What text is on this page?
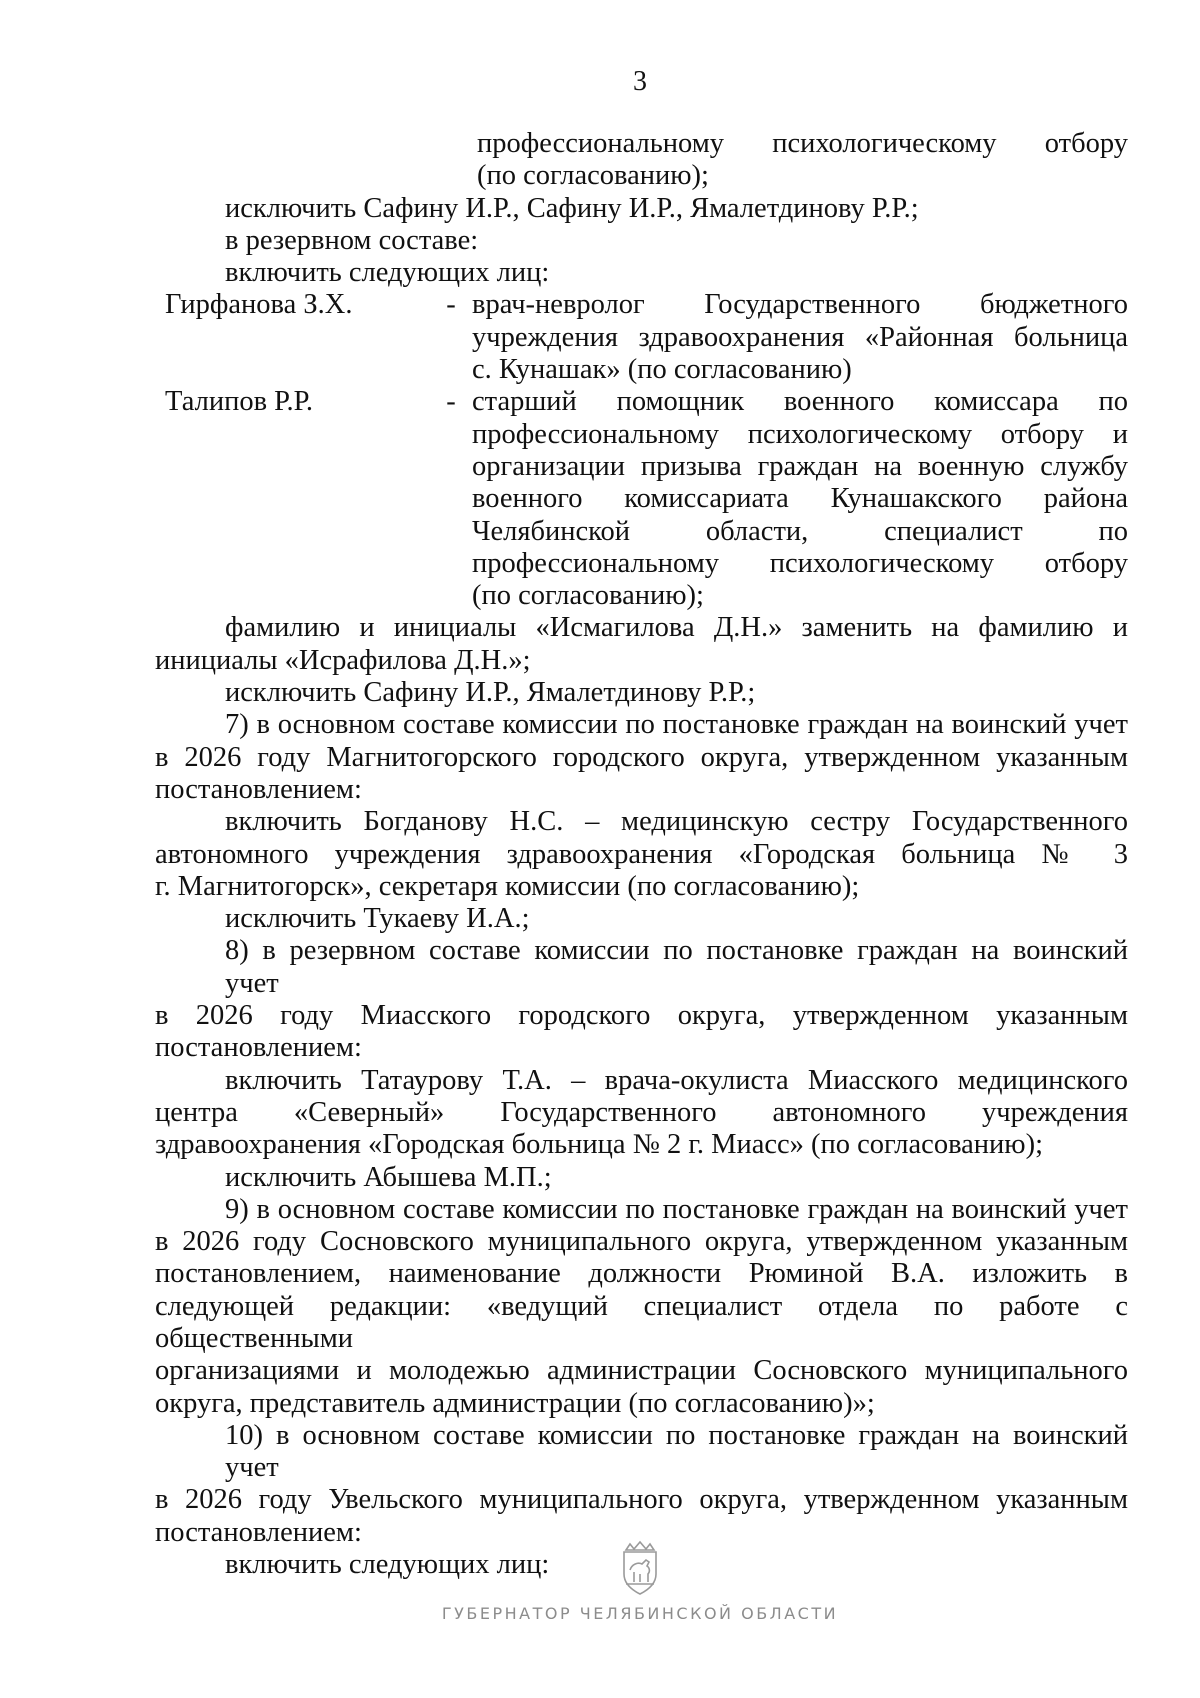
3
профессиональному психологическому отбору
(по согласованию);
исключить Сафину И.Р., Сафину И.Р., Ямалетдинову Р.Р.;
в резервном составе:
включить следующих лиц:
Гирфанова З.Х.	- врач-невролог Государственного бюджетного
учреждения здравоохранения «Районная больница
с. Кунашак» (по согласованию)
Талипов Р.Р.	- старший помощник военного комиссара по
профессиональному психологическому отбору и
организации призыва граждан на военную службу
военного комиссариата Кунашакского района
Челябинской области, специалист по
профессиональному психологическому отбору
(по согласованию);
фамилию и инициалы «Исмагилова Д.Н.» заменить на фамилию и
инициалы «Исрафилова Д.Н.»;
исключить Сафину И.Р., Ямалетдинову Р.Р.;
7) в основном составе комиссии по постановке граждан на воинский учет
в 2026 году Магнитогорского городского округа, утвержденном указанным
постановлением:
включить Богданову Н.С. – медицинскую сестру Государственного
автономного учреждения здравоохранения «Городская больница № 3
г. Магнитогорск», секретаря комиссии (по согласованию);
исключить Тукаеву И.А.;
8) в резервном составе комиссии по постановке граждан на воинский учет
в 2026 году Миасского городского округа, утвержденном указанным
постановлением:
включить Татаурову Т.А. – врача-окулиста Миасского медицинского
центра «Северный» Государственного автономного учреждения
здравоохранения «Городская больница № 2 г. Миасс» (по согласованию);
исключить Абышева М.П.;
9) в основном составе комиссии по постановке граждан на воинский учет
в 2026 году Сосновского муниципального округа, утвержденном указанным
постановлением, наименование должности Рюминой В.А. изложить в
следующей редакции: «ведущий специалист отдела по работе с общественными
организациями и молодежью администрации Сосновского муниципального
округа, представитель администрации (по согласованию)»;
10) в основном составе комиссии по постановке граждан на воинский учет
в 2026 году Увельского муниципального округа, утвержденном указанным
постановлением:
включить следующих лиц:
ГУБЕРНАТОР ЧЕЛЯБИНСКОЙ ОБЛАСТИ
